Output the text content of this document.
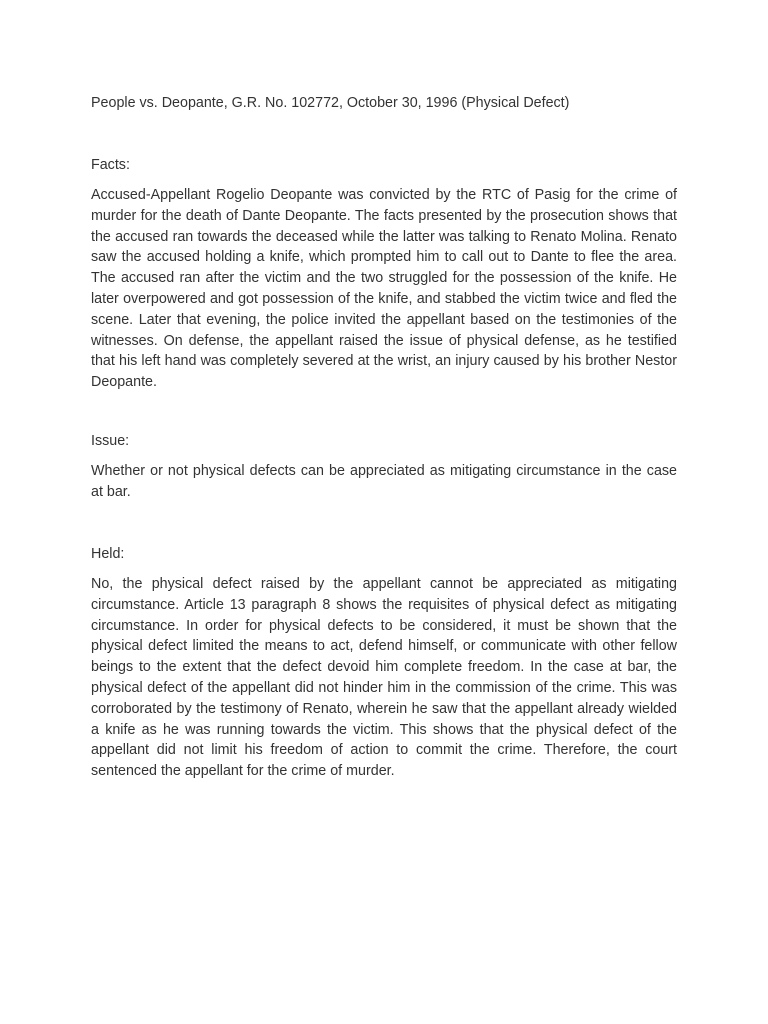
People vs. Deopante, G.R. No. 102772, October 30, 1996 (Physical Defect)

Facts:

Accused-Appellant Rogelio Deopante was convicted by the RTC of Pasig for the crime of murder for the death of Dante Deopante. The facts presented by the prosecution shows that the accused ran towards the deceased while the latter was talking to Renato Molina. Renato saw the accused holding a knife, which prompted him to call out to Dante to flee the area. The accused ran after the victim and the two struggled for the possession of the knife. He later overpowered and got possession of the knife, and stabbed the victim twice and fled the scene. Later that evening, the police invited the appellant based on the testimonies of the witnesses. On defense, the appellant raised the issue of physical defense, as he testified that his left hand was completely severed at the wrist, an injury caused by his brother Nestor Deopante.

Issue:

Whether or not physical defects can be appreciated as mitigating circumstance in the case at bar.

Held:

No, the physical defect raised by the appellant cannot be appreciated as mitigating circumstance. Article 13 paragraph 8 shows the requisites of physical defect as mitigating circumstance. In order for physical defects to be considered, it must be shown that the physical defect limited the means to act, defend himself, or communicate with other fellow beings to the extent that the defect devoid him complete freedom. In the case at bar, the physical defect of the appellant did not hinder him in the commission of the crime. This was corroborated by the testimony of Renato, wherein he saw that the appellant already wielded a knife as he was running towards the victim. This shows that the physical defect of the appellant did not limit his freedom of action to commit the crime. Therefore, the court sentenced the appellant for the crime of murder.
